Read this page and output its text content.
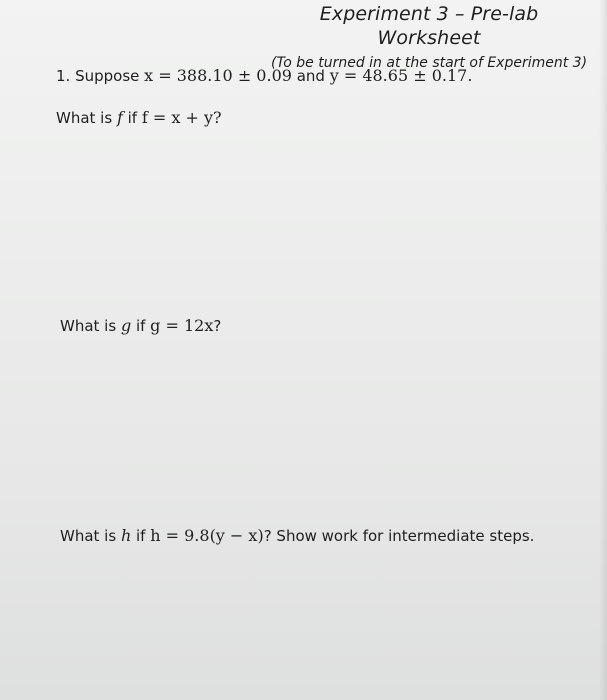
Experiment 3 – Pre-lab Worksheet
(To be turned in at the start of Experiment 3)
1. Suppose x = 388.10 ± 0.09 and y = 48.65 ± 0.17.
What is f if f = x + y?
What is g if g = 12x?
What is h if h = 9.8(y − x)? Show work for intermediate steps.
